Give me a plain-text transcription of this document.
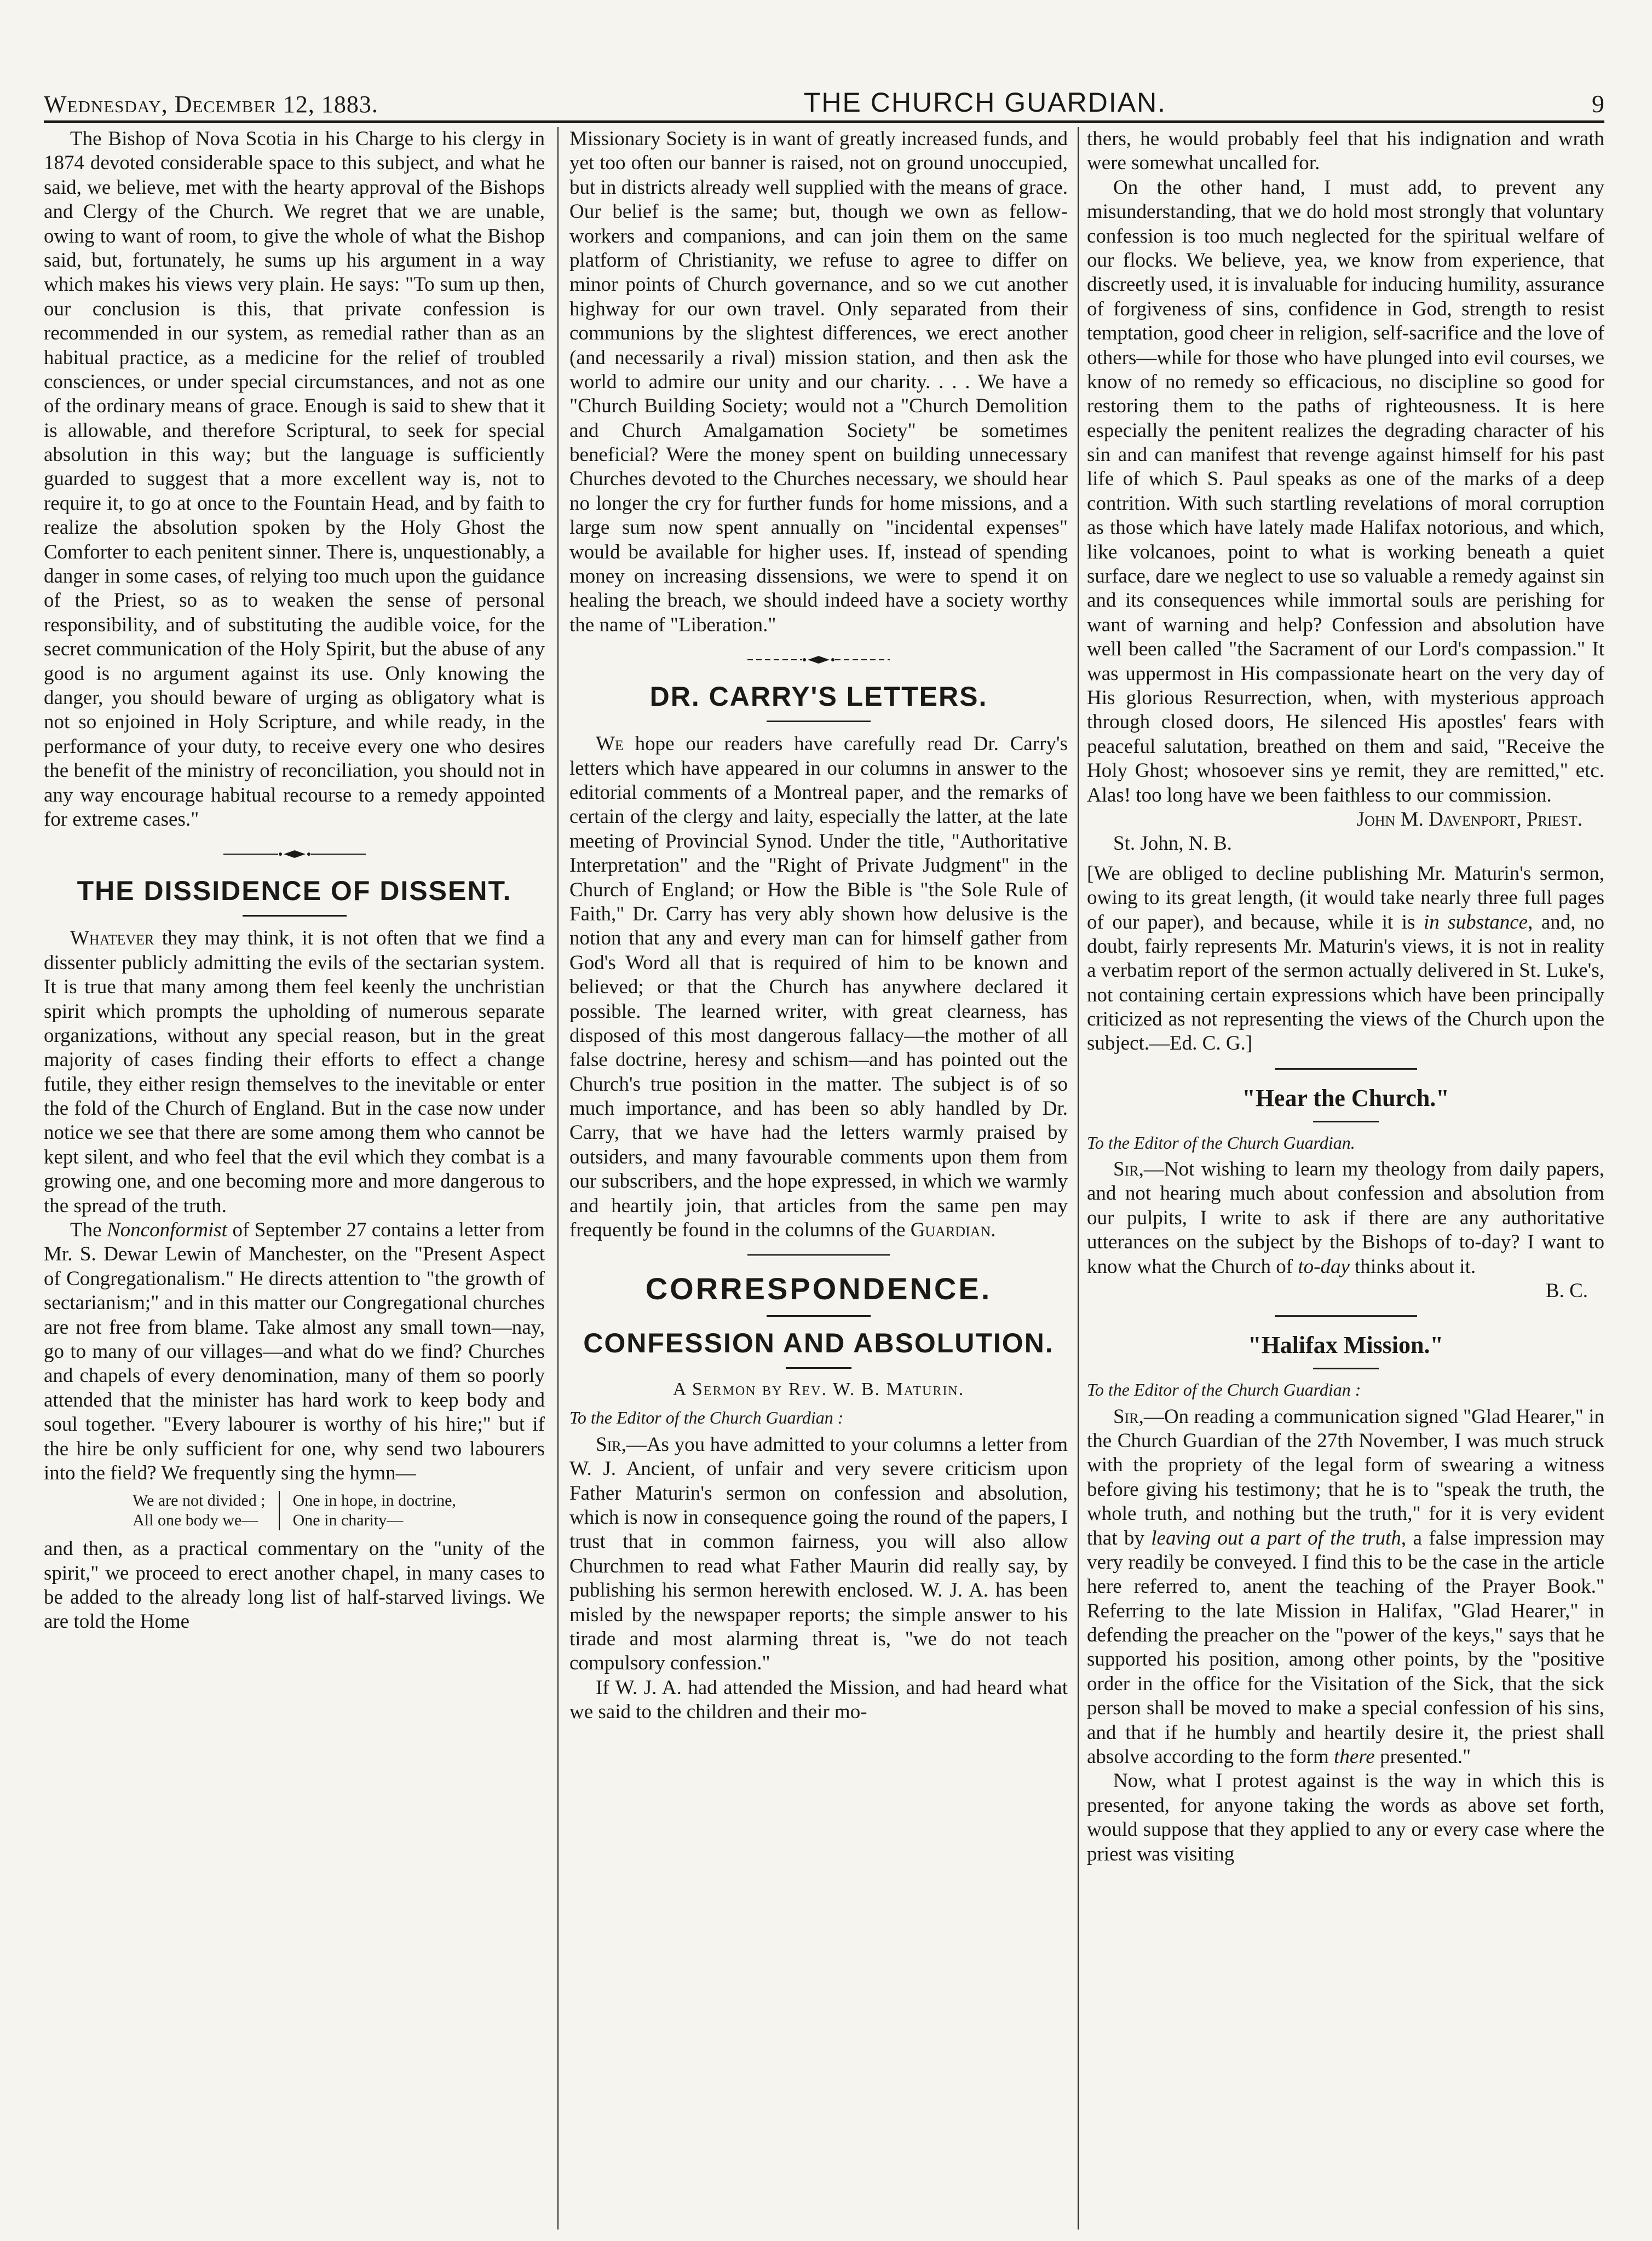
Wednesday, December 12, 1883.	THE CHURCH GUARDIAN.	9

The Bishop of Nova Scotia in his Charge to his clergy in 1874 devoted considerable space to this subject, and what he said, we believe, met with the hearty approval of the Bishops and Clergy of the Church. We regret that we are unable, owing to want of room, to give the whole of what the Bishop said, but, fortunately, he sums up his argument in a way which makes his views very plain. He says: "To sum up then, our conclusion is this, that private confession is recommended in our system, as remedial rather than as an habitual practice, as a medicine for the relief of troubled consciences, or under special circumstances, and not as one of the ordinary means of grace. Enough is said to shew that it is allowable, and therefore Scriptural, to seek for special absolution in this way; but the language is sufficiently guarded to suggest that a more excellent way is, not to require it, to go at once to the Fountain Head, and by faith to realize the absolution spoken by the Holy Ghost the Comforter to each penitent sinner. There is, unquestionably, a danger in some cases, of relying too much upon the guidance of the Priest, so as to weaken the sense of personal responsibility, and of substituting the audible voice, for the secret communication of the Holy Spirit, but the abuse of any good is no argument against its use. Only knowing the danger, you should beware of urging as obligatory what is not so enjoined in Holy Scripture, and while ready, in the performance of your duty, to receive every one who desires the benefit of the ministry of reconciliation, you should not in any way encourage habitual recourse to a remedy appointed for extreme cases."

THE DISSIDENCE OF DISSENT.

Whatever they may think, it is not often that we find a dissenter publicly admitting the evils of the sectarian system. It is true that many among them feel keenly the unchristian spirit which prompts the upholding of numerous separate organizations, without any special reason, but in the great majority of cases finding their efforts to effect a change futile, they either resign themselves to the inevitable or enter the fold of the Church of England. But in the case now under notice we see that there are some among them who cannot be kept silent, and who feel that the evil which they combat is a growing one, and one becoming more and more dangerous to the spread of the truth.

The Nonconformist of September 27 contains a letter from Mr. S. Dewar Lewin of Manchester, on the "Present Aspect of Congregationalism." He directs attention to "the growth of sectarianism;" and in this matter our Congregational churches are not free from blame. Take almost any small town—nay, go to many of our villages—and what do we find? Churches and chapels of every denomination, many of them so poorly attended that the minister has hard work to keep body and soul together. "Every labourer is worthy of his hire;" but if the hire be only sufficient for one, why send two labourers into the field? We frequently sing the hymn—

We are not divided ;
All one body we—
One in hope, in doctrine,
One in charity—

and then, as a practical commentary on the "unity of the spirit," we proceed to erect another chapel, in many cases to be added to the already long list of half-starved livings. We are told the Home

Missionary Society is in want of greatly increased funds, and yet too often our banner is raised, not on ground unoccupied, but in districts already well supplied with the means of grace. Our belief is the same; but, though we own as fellow-workers and companions, and can join them on the same platform of Christianity, we refuse to agree to differ on minor points of Church governance, and so we cut another highway for our own travel. Only separated from their communions by the slightest differences, we erect another (and necessarily a rival) mission station, and then ask the world to admire our unity and our charity. . . . We have a "Church Building Society; would not a "Church Demolition and Church Amalgamation Society" be sometimes beneficial? Were the money spent on building unnecessary Churches devoted to the Churches necessary, we should hear no longer the cry for further funds for home missions, and a large sum now spent annually on "incidental expenses" would be available for higher uses. If, instead of spending money on increasing dissensions, we were to spend it on healing the breach, we should indeed have a society worthy the name of "Liberation."

DR. CARRY'S LETTERS.

We hope our readers have carefully read Dr. Carry's letters which have appeared in our columns in answer to the editorial comments of a Montreal paper, and the remarks of certain of the clergy and laity, especially the latter, at the late meeting of Provincial Synod. Under the title, "Authoritative Interpretation" and the "Right of Private Judgment" in the Church of England; or How the Bible is "the Sole Rule of Faith," Dr. Carry has very ably shown how delusive is the notion that any and every man can for himself gather from God's Word all that is required of him to be known and believed; or that the Church has anywhere declared it possible. The learned writer, with great clearness, has disposed of this most dangerous fallacy—the mother of all false doctrine, heresy and schism—and has pointed out the Church's true position in the matter. The subject is of so much importance, and has been so ably handled by Dr. Carry, that we have had the letters warmly praised by outsiders, and many favourable comments upon them from our subscribers, and the hope expressed, in which we warmly and heartily join, that articles from the same pen may frequently be found in the columns of the Guardian.

CORRESPONDENCE.
CONFESSION AND ABSOLUTION.
A Sermon by Rev. W. B. Maturin.
To the Editor of the Church Guardian :

Sir,—As you have admitted to your columns a letter from W. J. Ancient, of unfair and very severe criticism upon Father Maturin's sermon on confession and absolution, which is now in consequence going the round of the papers, I trust that in common fairness, you will also allow Churchmen to read what Father Maurin did really say, by publishing his sermon herewith enclosed. W. J. A. has been misled by the newspaper reports; the simple answer to his tirade and most alarming threat is, "we do not teach compulsory confession."

If W. J. A. had attended the Mission, and had heard what we said to the children and their mo-

thers, he would probably feel that his indignation and wrath were somewhat uncalled for.

On the other hand, I must add, to prevent any misunderstanding, that we do hold most strongly that voluntary confession is too much neglected for the spiritual welfare of our flocks. We believe, yea, we know from experience, that discreetly used, it is invaluable for inducing humility, assurance of forgiveness of sins, confidence in God, strength to resist temptation, good cheer in religion, self-sacrifice and the love of others—while for those who have plunged into evil courses, we know of no remedy so efficacious, no discipline so good for restoring them to the paths of righteousness. It is here especially the penitent realizes the degrading character of his sin and can manifest that revenge against himself for his past life of which S. Paul speaks as one of the marks of a deep contrition. With such startling revelations of moral corruption as those which have lately made Halifax notorious, and which, like volcanoes, point to what is working beneath a quiet surface, dare we neglect to use so valuable a remedy against sin and its consequences while immortal souls are perishing for want of warning and help? Confession and absolution have well been called "the Sacrament of our Lord's compassion." It was uppermost in His compassionate heart on the very day of His glorious Resurrection, when, with mysterious approach through closed doors, He silenced His apostles' fears with peaceful salutation, breathed on them and said, "Receive the Holy Ghost; whosoever sins ye remit, they are remitted," etc. Alas! too long have we been faithless to our commission.

John M. Davenport, Priest.
St. John, N. B.

[We are obliged to decline publishing Mr. Maturin's sermon, owing to its great length, (it would take nearly three full pages of our paper), and because, while it is in substance, and, no doubt, fairly represents Mr. Maturin's views, it is not in reality a verbatim report of the sermon actually delivered in St. Luke's, not containing certain expressions which have been principally criticized as not representing the views of the Church upon the subject.—Ed. C. G.]

"Hear the Church."
To the Editor of the Church Guardian.

Sir,—Not wishing to learn my theology from daily papers, and not hearing much about confession and absolution from our pulpits, I write to ask if there are any authoritative utterances on the subject by the Bishops of to-day? I want to know what the Church of to-day thinks about it.

B. C.
"Halifax Mission."
To the Editor of the Church Guardian :

Sir,—On reading a communication signed "Glad Hearer," in the Church Guardian of the 27th November, I was much struck with the propriety of the legal form of swearing a witness before giving his testimony; that he is to "speak the truth, the whole truth, and nothing but the truth," for it is very evident that by leaving out a part of the truth, a false impression may very readily be conveyed. I find this to be the case in the article here referred to, anent the teaching of the Prayer Book." Referring to the late Mission in Halifax, "Glad Hearer," in defending the preacher on the "power of the keys," says that he supported his position, among other points, by the "positive order in the office for the Visitation of the Sick, that the sick person shall be moved to make a special confession of his sins, and that if he humbly and heartily desire it, the priest shall absolve according to the form there presented."

Now, what I protest against is the way in which this is presented, for anyone taking the words as above set forth, would suppose that they applied to any or every case where the priest was visiting
